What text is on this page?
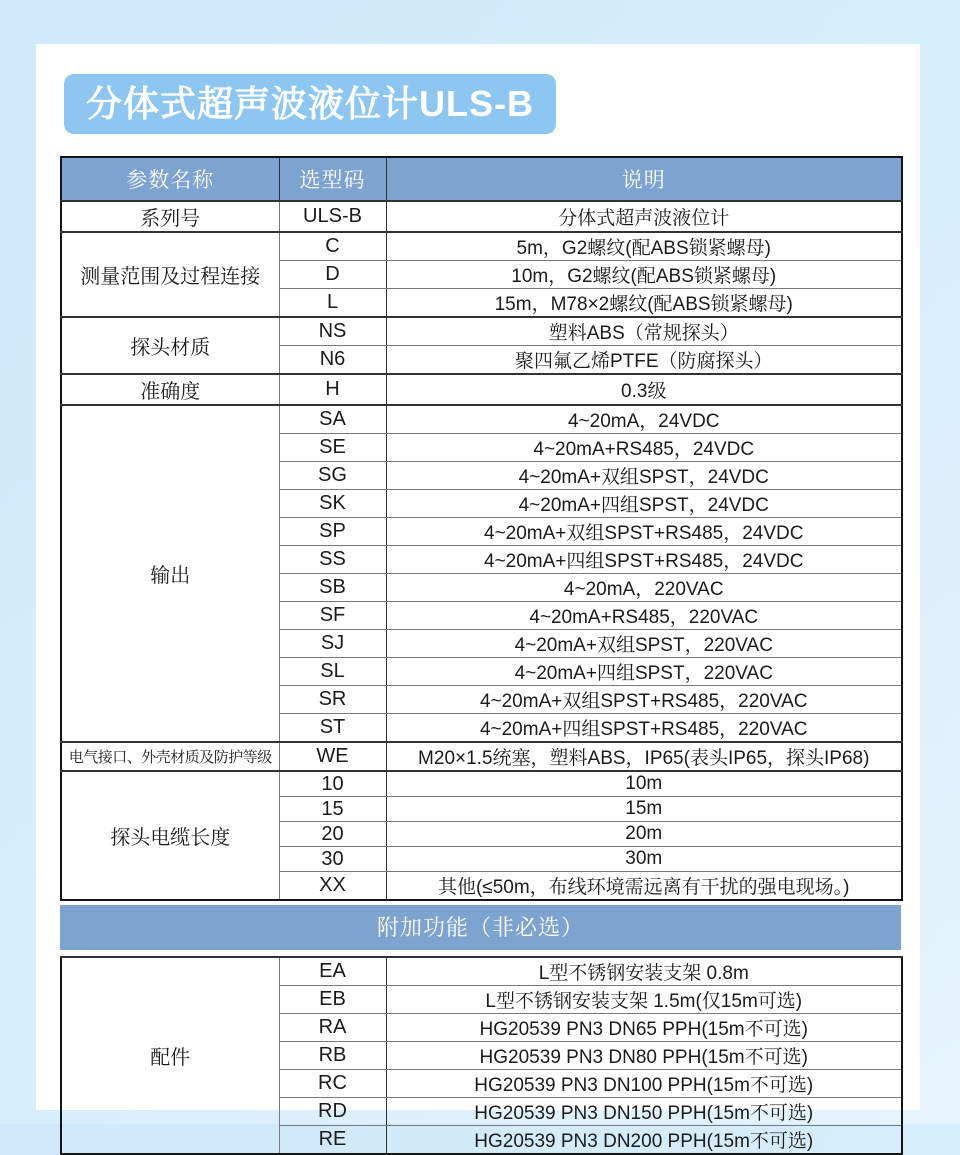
分体式超声波液位计ULS-B
参数名称	选型码	说明
系列号	ULS-B	分体式超声波液位计
测量范围及过程连接	C	5m，G2螺纹(配ABS锁紧螺母)
	D	10m，G2螺纹(配ABS锁紧螺母)
	L	15m，M78×2螺纹(配ABS锁紧螺母)
探头材质	NS	塑料ABS（常规探头）
	N6	聚四氟乙烯PTFE（防腐探头）
准确度	H	0.3级
输出	SA	4~20mA，24VDC
	SE	4~20mA+RS485，24VDC
	SG	4~20mA+双组SPST，24VDC
	SK	4~20mA+四组SPST，24VDC
	SP	4~20mA+双组SPST+RS485，24VDC
	SS	4~20mA+四组SPST+RS485，24VDC
	SB	4~20mA，220VAC
	SF	4~20mA+RS485，220VAC
	SJ	4~20mA+双组SPST，220VAC
	SL	4~20mA+四组SPST，220VAC
	SR	4~20mA+双组SPST+RS485，220VAC
	ST	4~20mA+四组SPST+RS485，220VAC
电气接口、外壳材质及防护等级	WE	M20×1.5统塞，塑料ABS，IP65(表头IP65，探头IP68)
探头电缆长度	10	10m
	15	15m
	20	20m
	30	30m
	XX	其他(≤50m，布线环境需远离有干扰的强电现场。)
附加功能（非必选）
配件	EA	L型不锈钢安装支架 0.8m
	EB	L型不锈钢安装支架 1.5m(仅15m可选)
	RA	HG20539 PN3 DN65 PPH(15m不可选)
	RB	HG20539 PN3 DN80 PPH(15m不可选)
	RC	HG20539 PN3 DN100 PPH(15m不可选)
	RD	HG20539 PN3 DN150 PPH(15m不可选)
	RE	HG20539 PN3 DN200 PPH(15m不可选)
